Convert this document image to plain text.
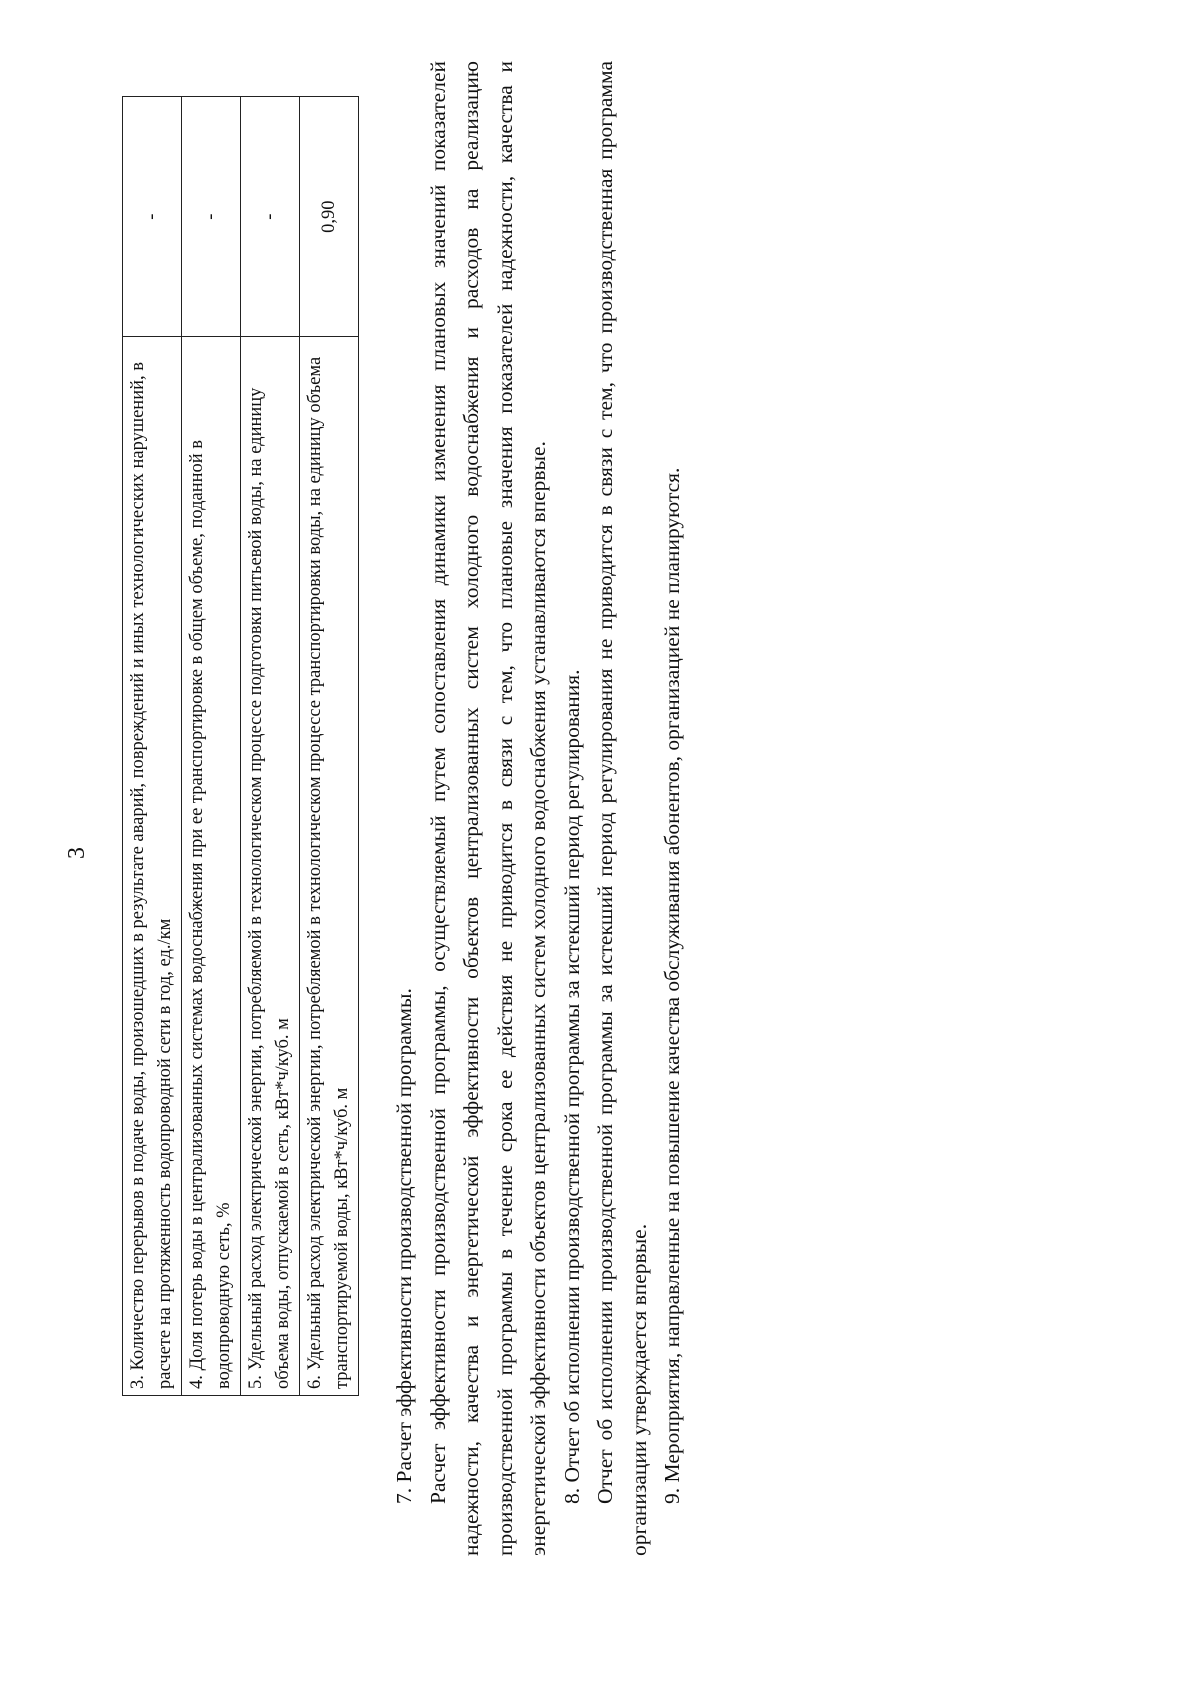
3 3. Количество перерывов в подаче воды, произошедших в результате аварий, повреждений и иных технологических нарушений, в расчете на протяженность водопроводной сети в год, ед./км	-
4. Доля потерь воды в централизованных системах водоснабжения при ее транспортировке в общем объеме, поданной в водопроводную сеть, %	-
5. Удельный расход электрической энергии, потребляемой в технологическом процессе подготовки питьевой воды, на единицу объема воды, отпускаемой в сеть, кВт*ч/куб. м	-
6. Удельный расход электрической энергии, потребляемой в технологическом процессе транспортировки воды, на единицу объема транспортируемой воды, кВт*ч/куб. м	0,90

7. Расчет эффективности производственной программы. Расчет эффективности производственной программы, осуществляемый путем сопоставления динамики изменения плановых значений показателей надежности, качества и энергетической эффективности объектов централизованных систем холодного водоснабжения и расходов на реализацию производственной программы в течение срока ее действия не приводится в связи с тем, что плановые значения показателей надежности, качества и энергетической эффективности объектов централизованных систем холодного водоснабжения устанавливаются впервые. 8. Отчет об исполнении производственной программы за истекший период регулирования. Отчет об исполнении производственной программы за истекший период регулирования не приводится в связи с тем, что производственная программа организации утверждается впервые. 9. Мероприятия, направленные на повышение качества обслуживания абонентов, организацией не планируются.
